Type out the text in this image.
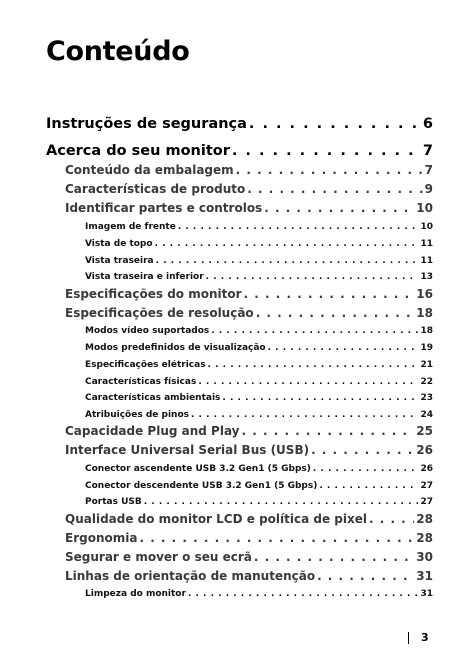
Conteúdo
Instruções de segurança . . .	6
Acerca do seu monitor . . .	7
Conteúdo da embalagem . . .	7
Características de produto . . .	9
Identificar partes e controlos . . .	10
Imagem de frente . . .	10
Vista de topo . . .	11
Vista traseira . . .	11
Vista traseira e inferior . . .	13
Especificações do monitor . . .	16
Especificações de resolução . . .	18
Modos vídeo suportados . . .	18
Modos predefinidos de visualização . . .	19
Especificações elétricas . . .	21
Características físicas . . .	22
Características ambientais . . .	23
Atribuições de pinos . . .	24
Capacidade Plug and Play . . .	25
Interface Universal Serial Bus (USB) . . .	26
Conector ascendente USB 3.2 Gen1 (5 Gbps) . . .	26
Conector descendente USB 3.2 Gen1 (5 Gbps) . . .	27
Portas USB . . .	27
Qualidade do monitor LCD e política de pixel . . .	28
Ergonomia . . .	28
Segurar e mover o seu ecrã . . .	30
Linhas de orientação de manutenção . . .	31
Limpeza do monitor . . .	31
3
